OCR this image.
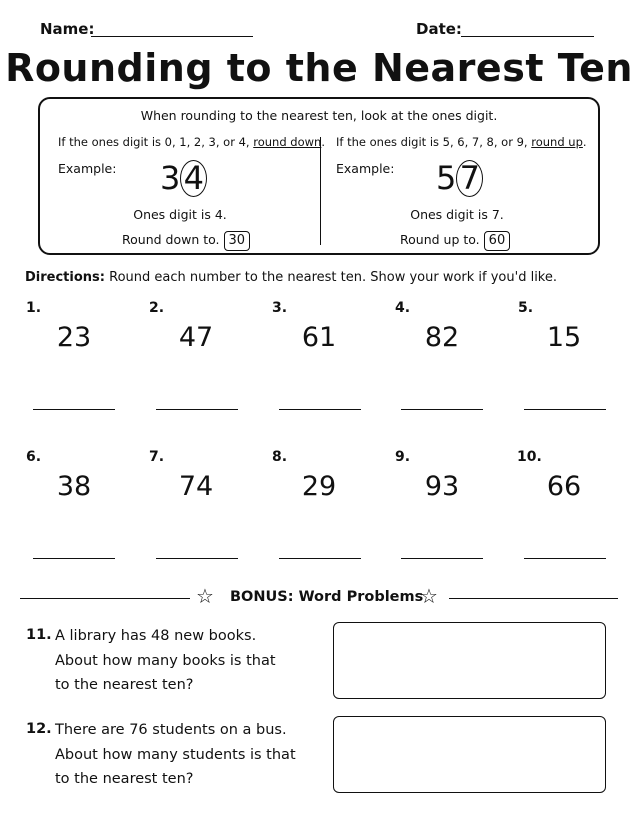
Name:	Date:
Rounding to the Nearest Ten
When rounding to the nearest ten, look at the ones digit.
If the ones digit is 0, 1, 2, 3, or 4, round down.
Example: 3 4
Ones digit is 4.
Round down to. 30
If the ones digit is 5, 6, 7, 8, or 9, round up.
Example: 5 7
Ones digit is 7.
Round up to. 60
Directions: Round each number to the nearest ten. Show your work if you'd like.
1.
23
2.
47
3.
61
4.
82
5.
15
6.
38
7.
74
8.
29
9.
93
10.
66
☆ BONUS: Word Problems
☆
11. A library has 48 new books.
About how many books is that
to the nearest ten?
12. There are 76 students on a bus.
About how many students is that
to the nearest ten?
